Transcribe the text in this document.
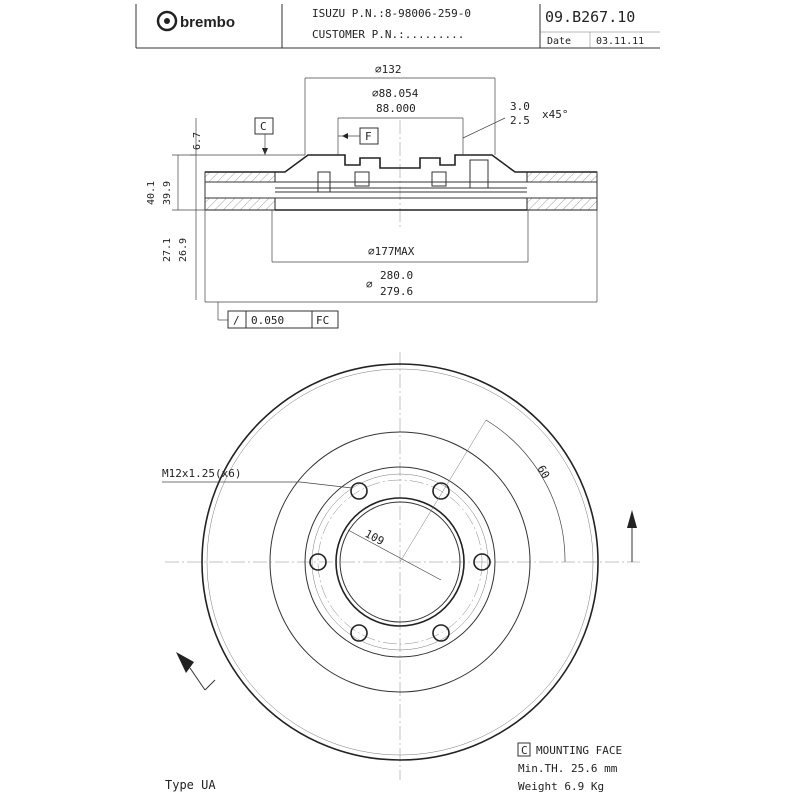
brembo
ISUZU P.N.:8-98006-259-0
CUSTOMER P.N.:.........
09.B267.10
Date 03.11.11
∅132
∅88.054
88.000	3.0
2.5 x45°
C
F
6.7
40.1 39.9
27.1 26.9	∅177MAX
∅
280.0
279.6
/ 0.050	FC
M12x1.25(x6)	60
109
C MOUNTING FACE
Min.TH. 25.6 mm
Weight 6.9 Kg
Type UA
